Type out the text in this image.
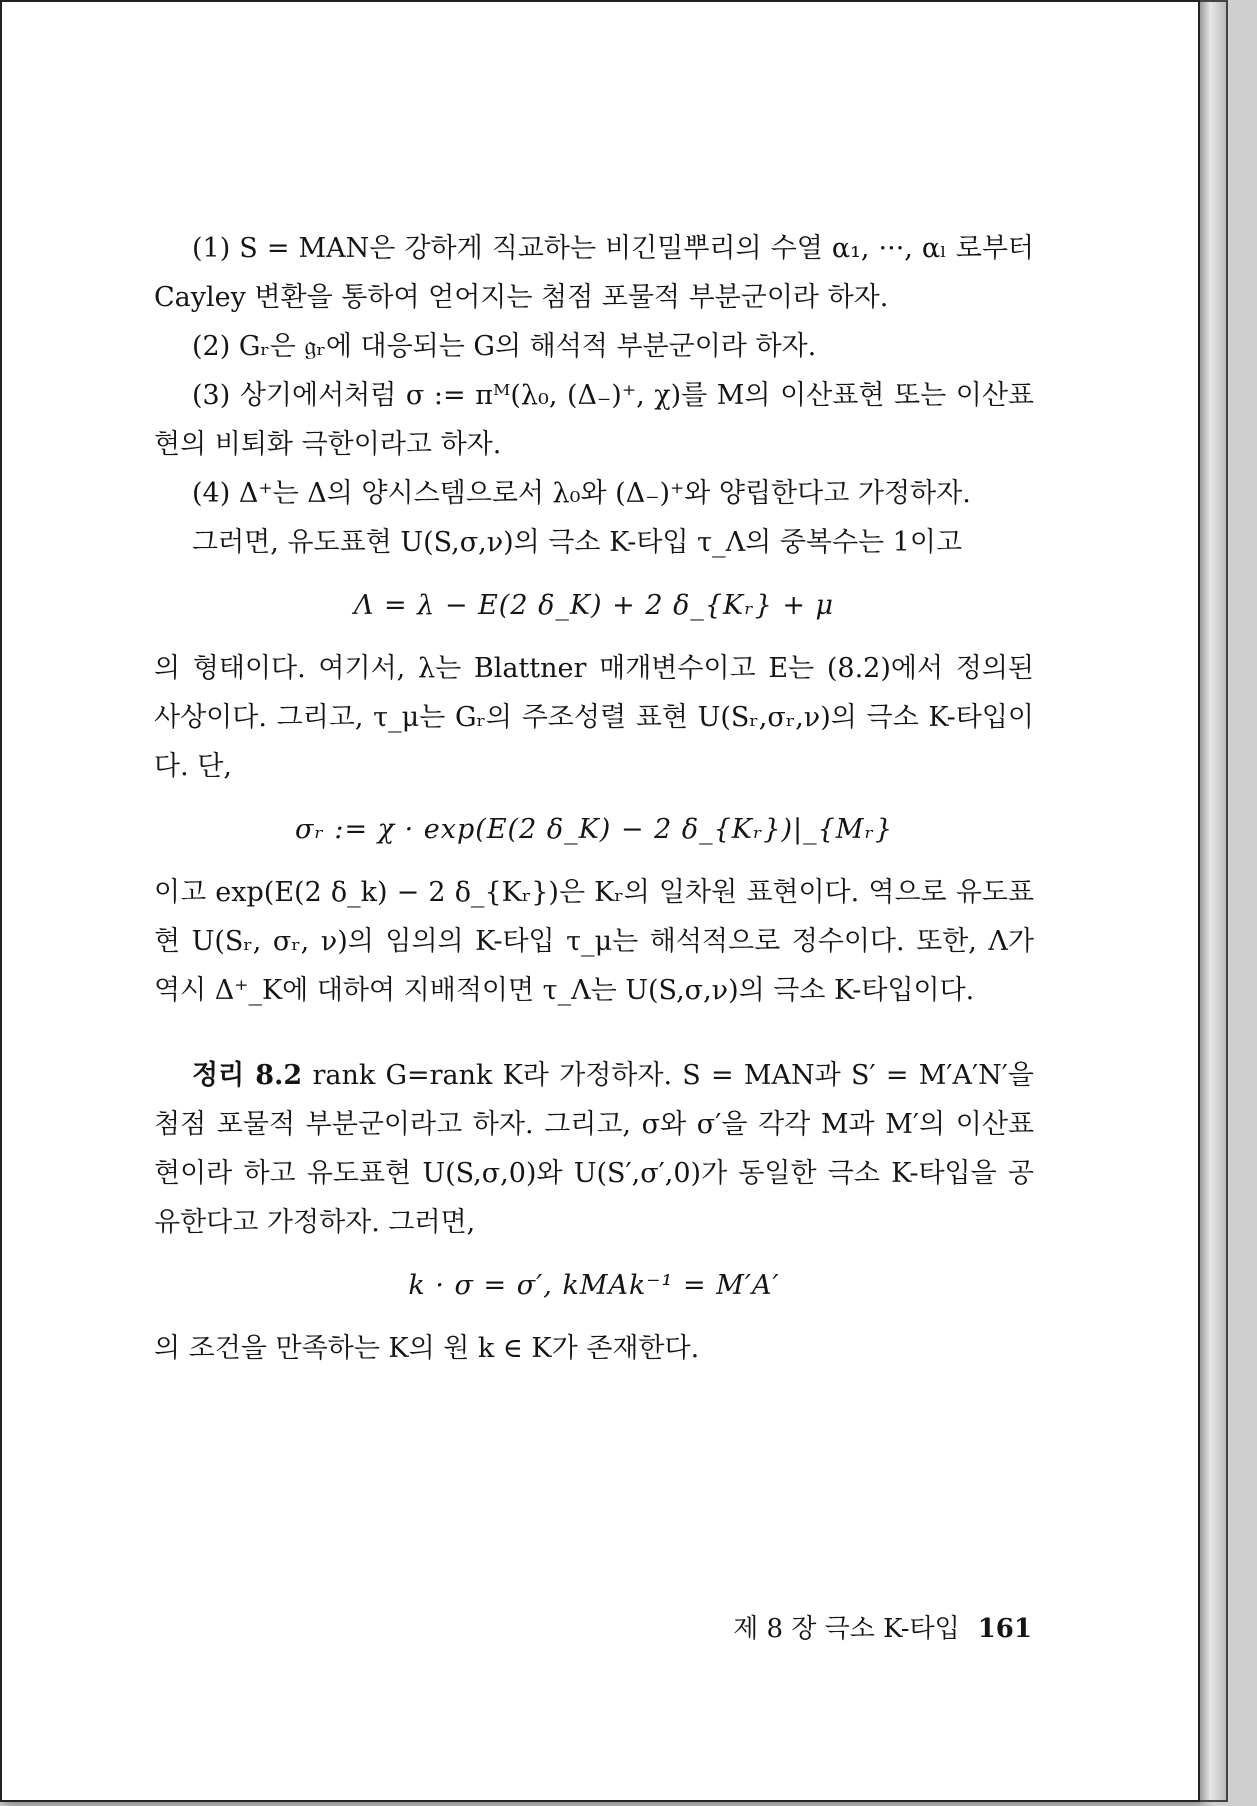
(1) S = MAN은 강하게 직교하는 비긴밀뿌리의 수열 α₁, ···, αₗ 로부터 Cayley 변환을 통하여 얻어지는 첨점 포물적 부분군이라 하자.

(2) Gᵣ은 𝔤ᵣ에 대응되는 G의 해석적 부분군이라 하자.

(3) 상기에서처럼 σ := πᴹ(λ₀, (Δ₋)⁺, χ)를 M의 이산표현 또는 이산표현의 비퇴화 극한이라고 하자.

(4) Δ⁺는 Δ의 양시스템으로서 λ₀와 (Δ₋)⁺와 양립한다고 가정하자.

그러면, 유도표현 U(S,σ,ν)의 극소 K-타입 τ_Λ의 중복수는 1이고

Λ = λ − E(2 δ_K) + 2 δ_{Kᵣ} + μ

의 형태이다. 여기서, λ는 Blattner 매개변수이고 E는 (8.2)에서 정의된 사상이다. 그리고, τ_μ는 Gᵣ의 주조성렬 표현 U(Sᵣ,σᵣ,ν)의 극소 K-타입이다. 단,

σᵣ := χ · exp(E(2 δ_K) − 2 δ_{Kᵣ})|_{Mᵣ}

이고 exp(E(2 δ_k) − 2 δ_{Kᵣ})은 Kᵣ의 일차원 표현이다. 역으로 유도표현 U(Sᵣ, σᵣ, ν)의 임의의 K-타입 τ_μ는 해석적으로 정수이다. 또한, Λ가 역시 Δ⁺_K에 대하여 지배적이면 τ_Λ는 U(S,σ,ν)의 극소 K-타입이다.

정리 8.2 rank G=rank K라 가정하자. S = MAN과 S′ = M′A′N′을 첨점 포물적 부분군이라고 하자. 그리고, σ와 σ′을 각각 M과 M′의 이산표현이라 하고 유도표현 U(S,σ,0)와 U(S′,σ′,0)가 동일한 극소 K-타입을 공유한다고 가정하자. 그러면,

k · σ = σ′, kMAk⁻¹ = M′A′

의 조건을 만족하는 K의 원 k ∈ K가 존재한다.

제 8 장 극소 K-타입 161
